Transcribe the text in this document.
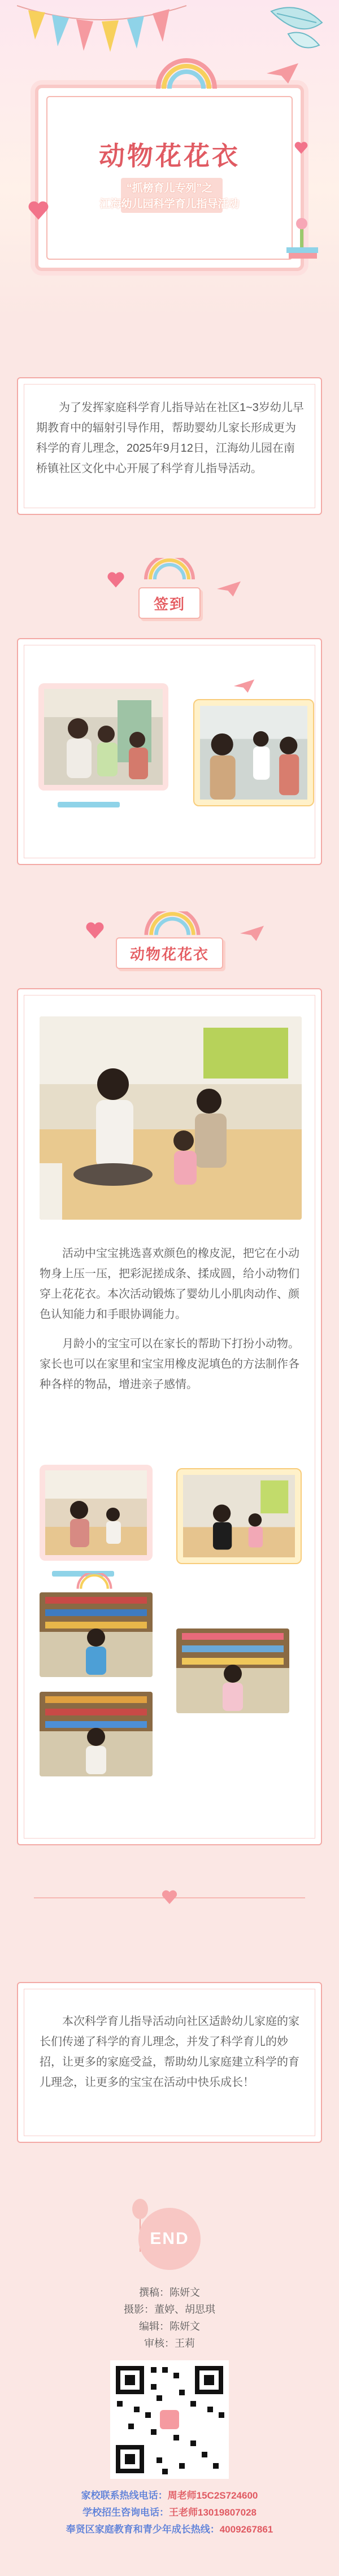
动物花花衣
“抓榜育儿专列”之
江海幼儿园科学育儿指导活动
为了发挥家庭科学育儿指导站在社区1~3岁幼儿早期教育中的辐射引导作用，帮助婴幼儿家长形成更为科学的育儿理念，2025年9月12日，江海幼儿园在南桥镇社区文化中心开展了科学育儿指导活动。
签到
动物花花衣
活动中宝宝挑选喜欢颜色的橡皮泥，把它在小动物身上压一压，把彩泥搓成条、揉成圆，给小动物们穿上花花衣。本次活动锻炼了婴幼儿小肌肉动作、颜色认知能力和手眼协调能力。
月龄小的宝宝可以在家长的帮助下打扮小动物。家长也可以在家里和宝宝用橡皮泥填色的方法制作各种各样的物品，增进亲子感情。
本次科学育儿指导活动向社区适龄幼儿家庭的家长们传递了科学的育儿理念，并发了科学育儿的妙招，让更多的家庭受益，帮助幼儿家庭建立科学的育儿理念，让更多的宝宝在活动中快乐成长！
END
撰稿：陈妍文
摄影：董婷、胡思琪
编辑：陈妍文
审核：王莉
家校联系热线电话：周老师15C2S724600
学校招生咨询电话：王老师13019807028
奉贤区家庭教育和青少年成长热线：4009267861
